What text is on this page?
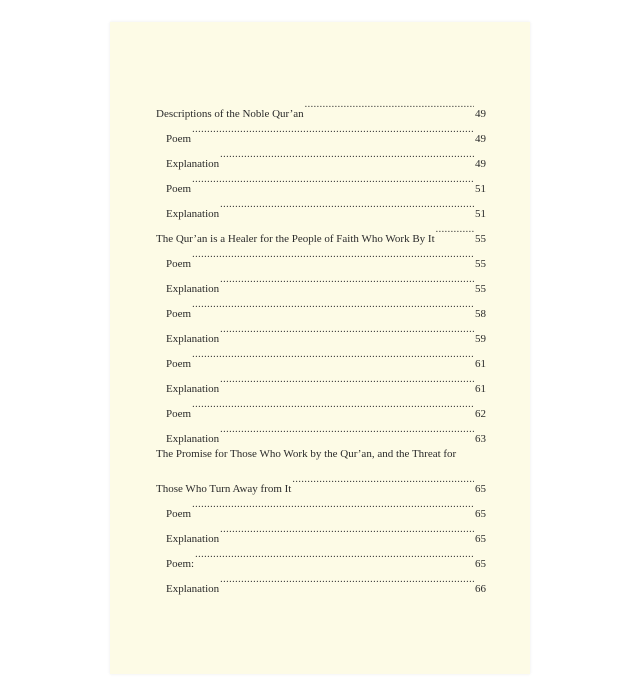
Descriptions of the Noble Qur’an .....	49
Poem .....	49
Explanation .....	49
Poem .....	51
Explanation .....	51
The Qur’an is a Healer for the People of Faith Who Work By It .....	55
Poem .....	55
Explanation .....	55
Poem .....	58
Explanation .....	59
Poem .....	61
Explanation .....	61
Poem .....	62
Explanation .....	63
The Promise for Those Who Work by the Qur’an, and the Threat for
Those Who Turn Away from It .....	65
Poem .....	65
Explanation .....	65
Poem: .....	65
Explanation .....	66
